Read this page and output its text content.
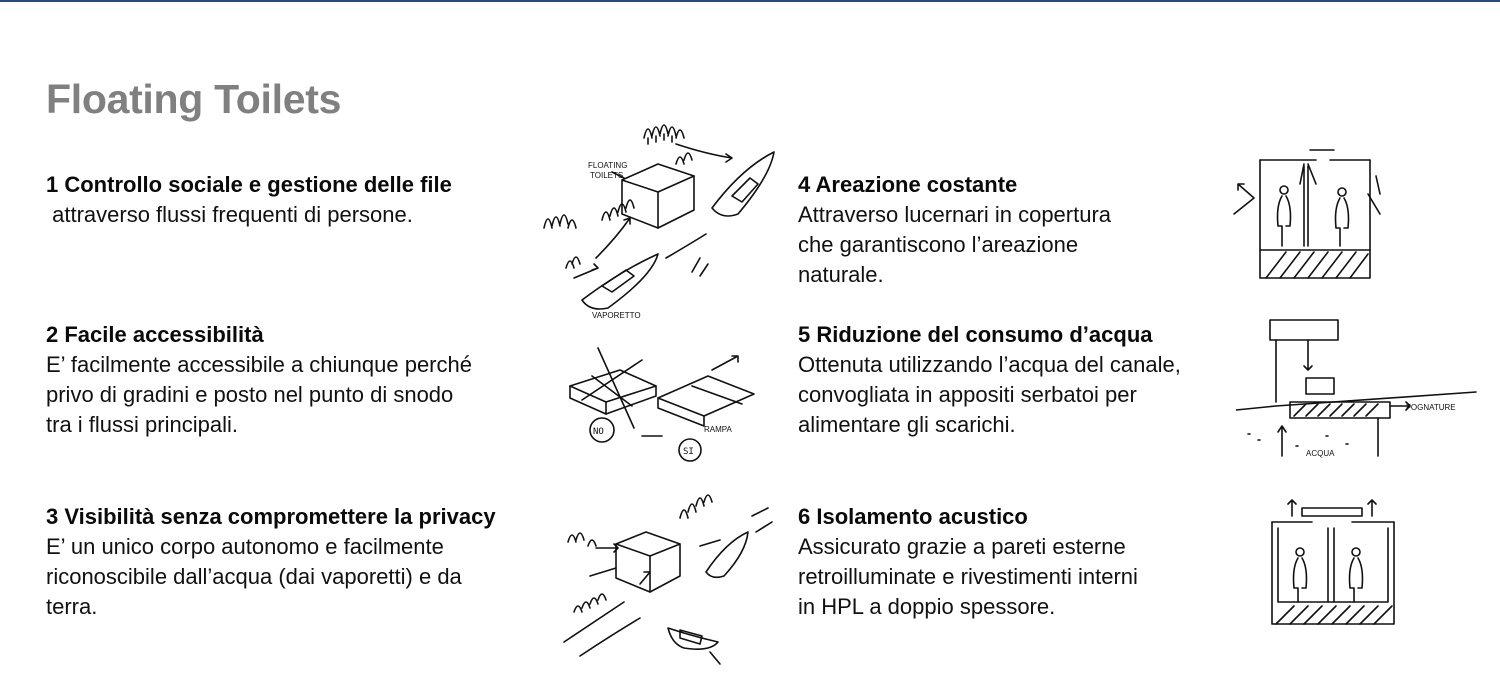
Floating Toilets
1 Controllo sociale e gestione delle file
attraverso flussi frequenti di persone.
2 Facile accessibilità
E’ facilmente accessibile a chiunque perché
privo di gradini e posto nel punto di snodo
tra i flussi principali.
3 Visibilità senza compromettere la privacy
E’ un unico corpo autonomo e facilmente
riconoscibile dall’acqua (dai vaporetti) e da
terra.
4 Areazione costante
Attraverso lucernari in copertura
che garantiscono l’areazione
naturale.
5 Riduzione del consumo d’acqua
Ottenuta utilizzando l’acqua del canale,
convogliata in appositi serbatoi per
alimentare gli scarichi.
6 Isolamento acustico
Assicurato grazie a pareti esterne
retroilluminate e rivestimenti interni
in HPL a doppio spessore.
FLOATING
TOILETS
VAPORETTO
NO
SI
RAMPA
FOGNATURE
ACQUA
